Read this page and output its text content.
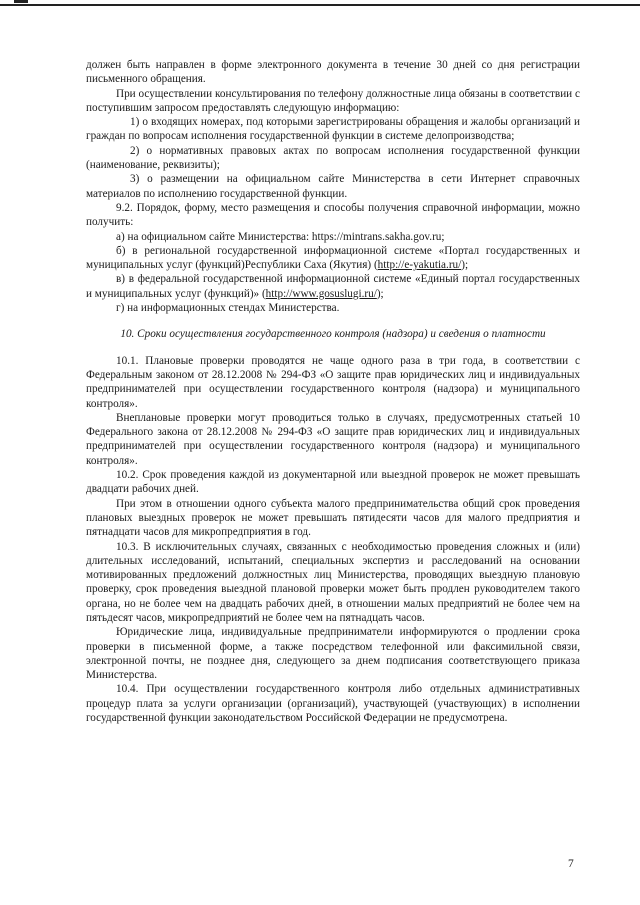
должен быть направлен в форме электронного документа в течение 30 дней со дня регистрации письменного обращения.

При осуществлении консультирования по телефону должностные лица обязаны в соответствии с поступившим запросом предоставлять следующую информацию:

1) о входящих номерах, под которыми зарегистрированы обращения и жалобы организаций и граждан по вопросам исполнения государственной функции в системе делопроизводства;

2) о нормативных правовых актах по вопросам исполнения государственной функции (наименование, реквизиты);

3) о размещении на официальном сайте Министерства в сети Интернет справочных материалов по исполнению государственной функции.

9.2. Порядок, форму, место размещения и способы получения справочной информации, можно получить:

а) на официальном сайте Министерства: https://mintrans.sakha.gov.ru;

б) в региональной государственной информационной системе «Портал государственных и муниципальных услуг (функций)Республики Саха (Якутия) (http://e-yakutia.ru/);

в) в федеральной государственной информационной системе «Единый портал государственных и муниципальных услуг (функций)» (http://www.gosuslugi.ru/);

г) на информационных стендах Министерства.

10. Сроки осуществления государственного контроля (надзора) и сведения о платности

10.1. Плановые проверки проводятся не чаще одного раза в три года, в соответствии с Федеральным законом от 28.12.2008 № 294-ФЗ «О защите прав юридических лиц и индивидуальных предпринимателей при осуществлении государственного контроля (надзора) и муниципального контроля».

Внеплановые проверки могут проводиться только в случаях, предусмотренных статьей 10 Федерального закона от 28.12.2008 № 294-ФЗ «О защите прав юридических лиц и индивидуальных предпринимателей при осуществлении государственного контроля (надзора) и муниципального контроля».

10.2. Срок проведения каждой из документарной или выездной проверок не может превышать двадцати рабочих дней.

При этом в отношении одного субъекта малого предпринимательства общий срок проведения плановых выездных проверок не может превышать пятидесяти часов для малого предприятия и пятнадцати часов для микропредприятия в год.

10.3. В исключительных случаях, связанных с необходимостью проведения сложных и (или) длительных исследований, испытаний, специальных экспертиз и расследований на основании мотивированных предложений должностных лиц Министерства, проводящих выездную плановую проверку, срок проведения выездной плановой проверки может быть продлен руководителем такого органа, но не более чем на двадцать рабочих дней, в отношении малых предприятий не более чем на пятьдесят часов, микропредприятий не более чем на пятнадцать часов.

Юридические лица, индивидуальные предприниматели информируются о продлении срока проверки в письменной форме, а также посредством телефонной или факсимильной связи, электронной почты, не позднее дня, следующего за днем подписания соответствующего приказа Министерства.

10.4. При осуществлении государственного контроля либо отдельных административных процедур плата за услуги организации (организаций), участвующей (участвующих) в исполнении государственной функции законодательством Российской Федерации не предусмотрена.

7
